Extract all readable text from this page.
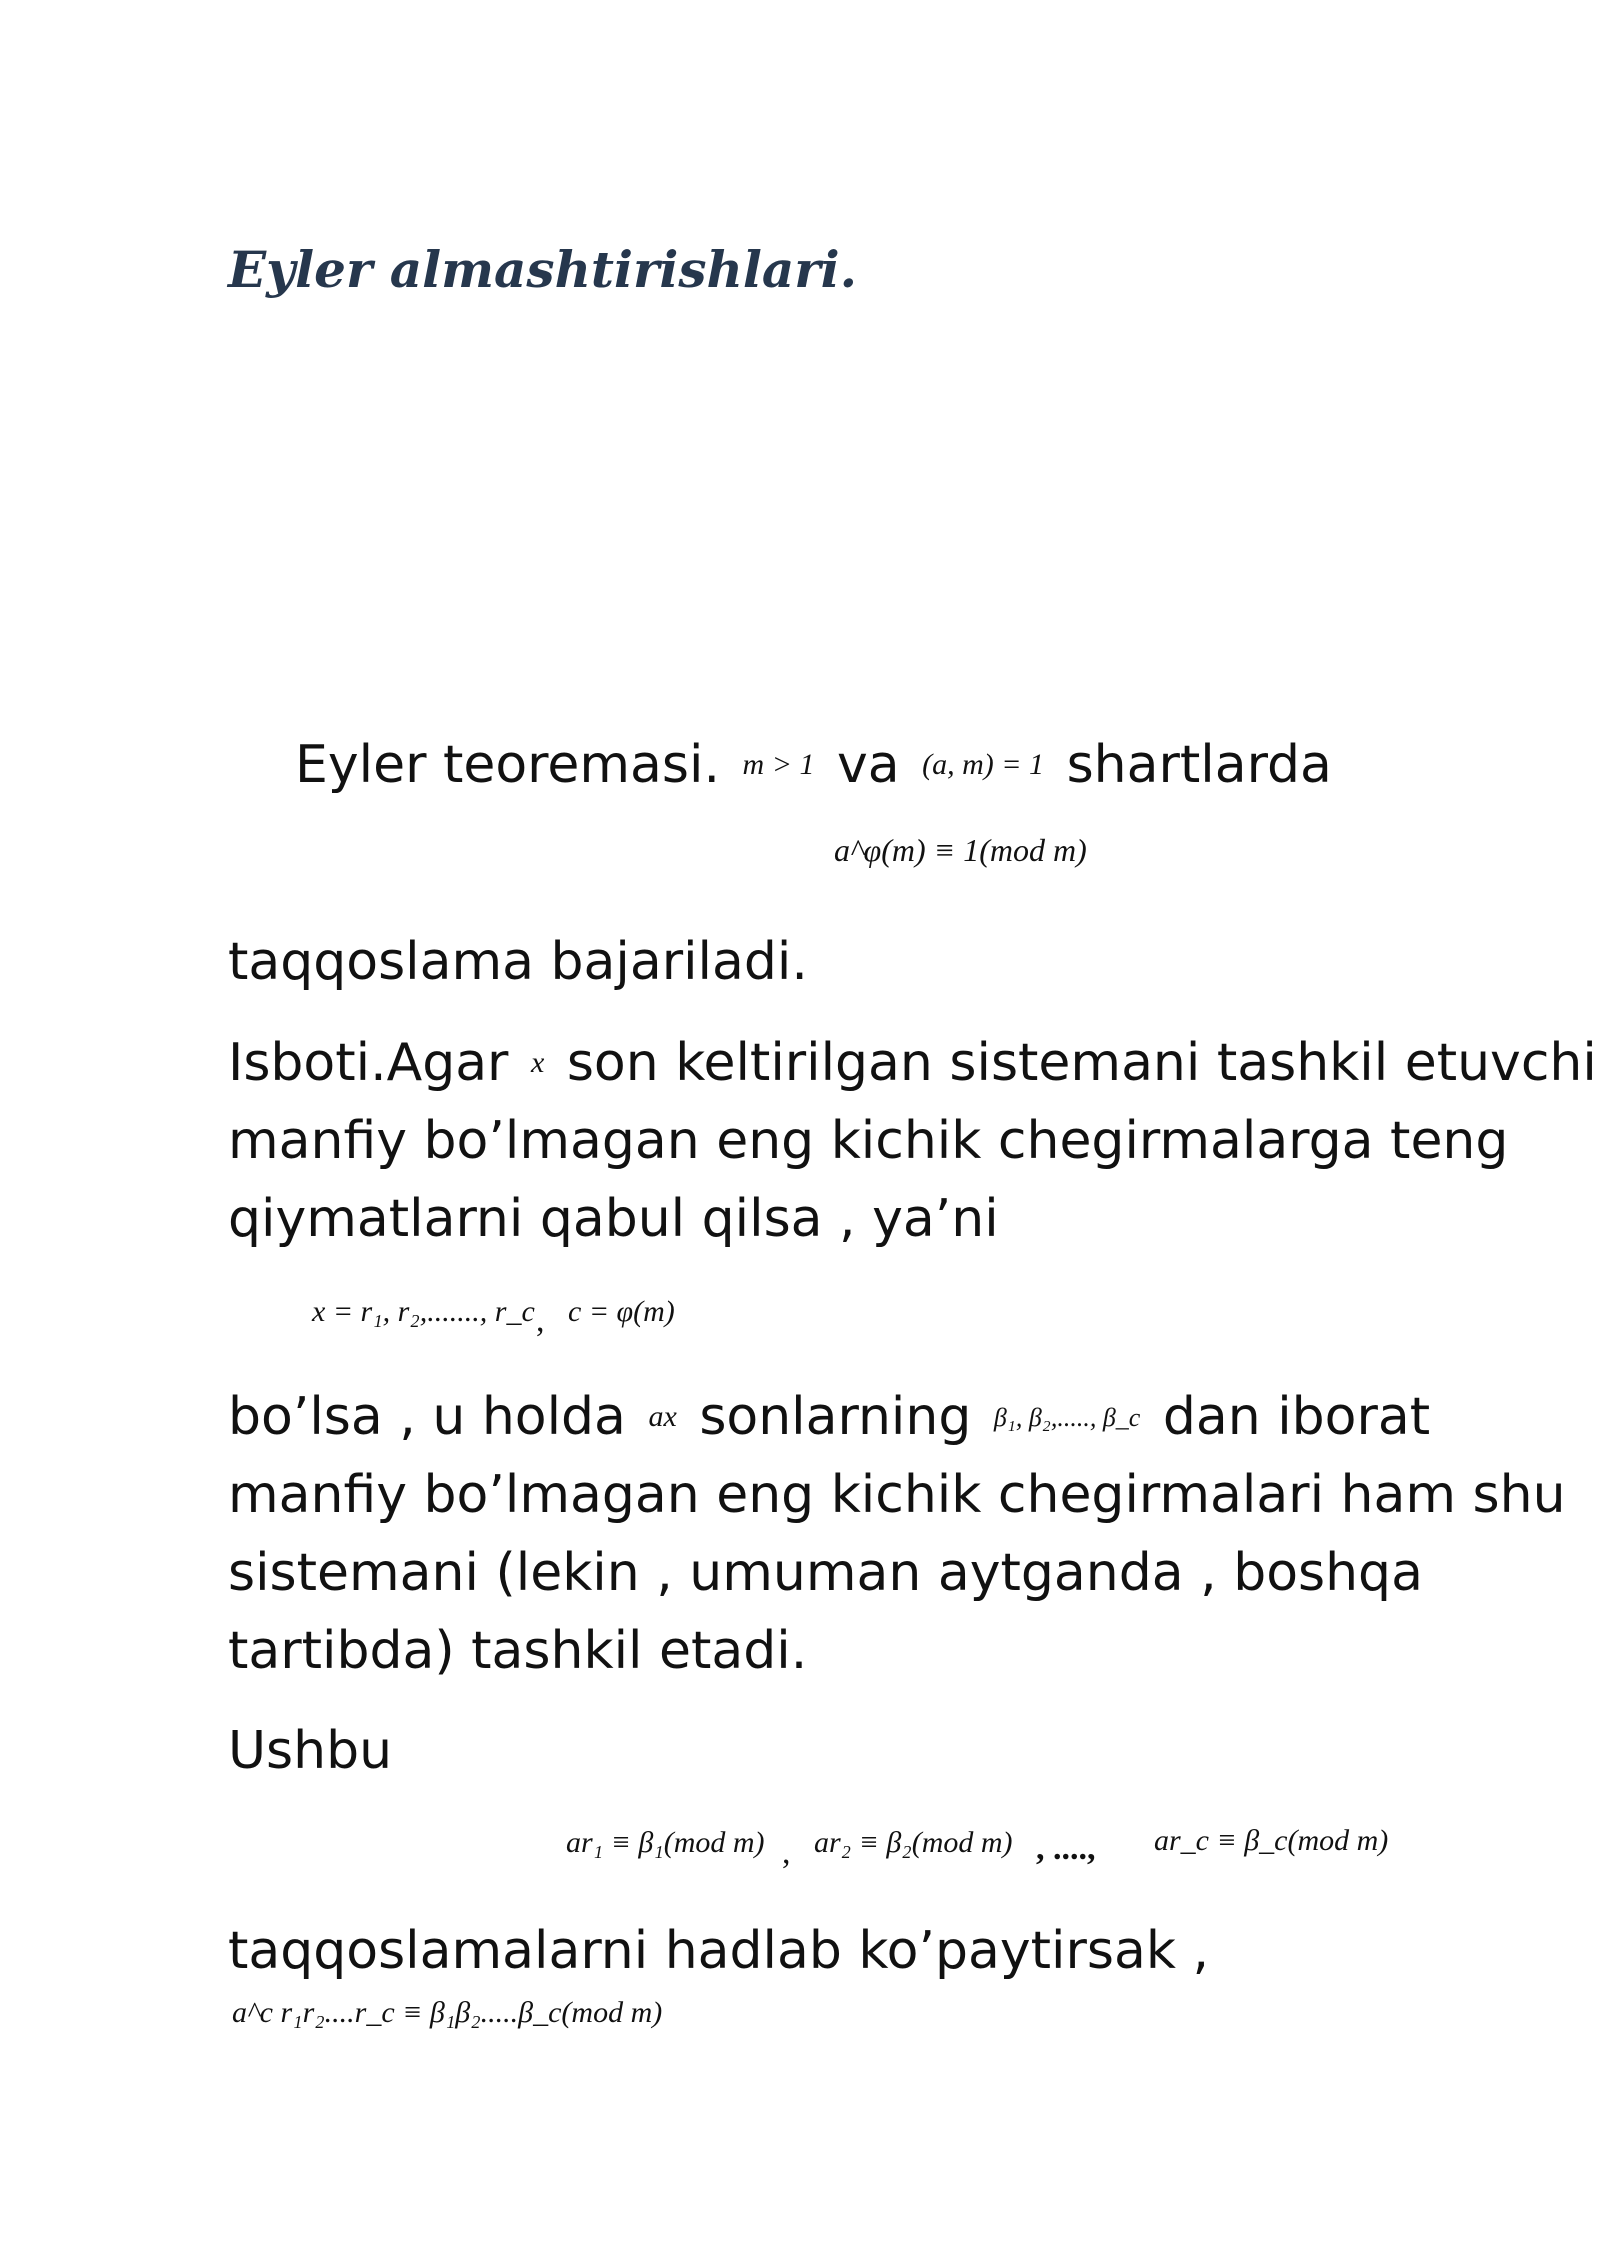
Eyler almashtirishlari.

Eyler teoremasi. m > 1 va (a, m) = 1 shartlarda

a^φ(m) ≡ 1(mod m)

taqqoslama bajariladi.

Isboti.Agar x son keltirilgan sistemani tashkil etuvchi

manfiy bo’lmagan eng kichik chegirmalarga teng

qiymatlarni qabul qilsa , ya’ni

x = r₁, r₂,......., r_c , c = φ(m)

bo’lsa , u holda ax sonlarning β₁, β₂,....., β_c dan iborat

manfiy bo’lmagan eng kichik chegirmalari ham shu

sistemani (lekin , umuman aytganda , boshqa

tartibda) tashkil etadi.

Ushbu

ar₁ ≡ β₁(mod m) , ar₂ ≡ β₂(mod m) , ...., ar_c ≡ β_c(mod m)

taqqoslamalarni hadlab ko’paytirsak ,

a^c r₁r₂....r_c ≡ β₁β₂.....β_c(mod m)
